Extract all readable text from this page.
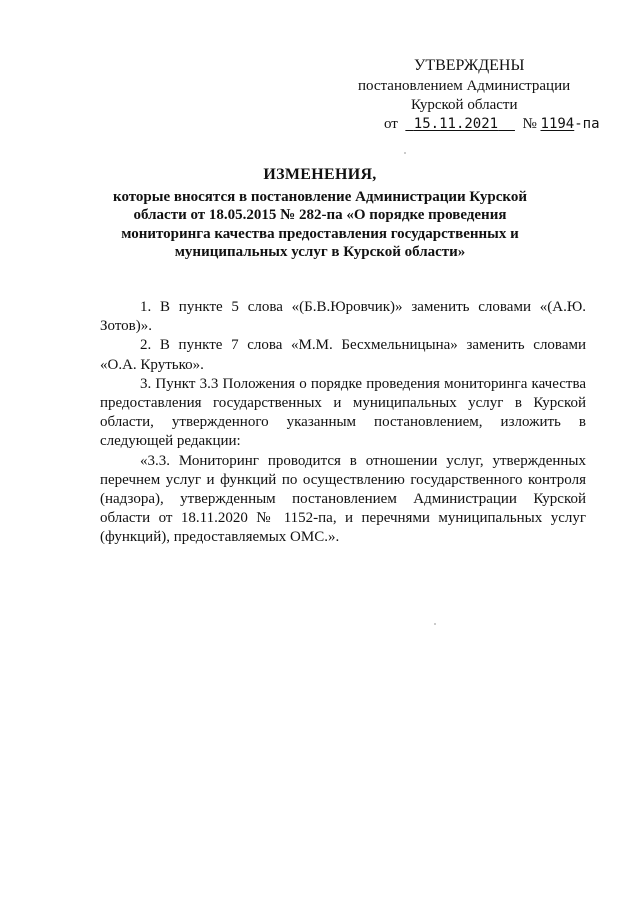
УТВЕРЖДЕНЫ
постановлением Администрации
Курской области
от 15.11.2021 № 1194-па
ИЗМЕНЕНИЯ,
которые вносятся в постановление Администрации Курской области от 18.05.2015 № 282-па «О порядке проведения мониторинга качества предоставления государственных и муниципальных услуг в Курской области»

1. В пункте 5 слова «(Б.В.Юровчик)» заменить словами «(А.Ю. Зотов)».

2. В пункте 7 слова «М.М. Бесхмельницына» заменить словами «О.А. Крутько».

3. Пункт 3.3 Положения о порядке проведения мониторинга качества предоставления государственных и муниципальных услуг в Курской области, утвержденного указанным постановлением, изложить в следующей редакции:

«3.3. Мониторинг проводится в отношении услуг, утвержденных перечнем услуг и функций по осуществлению государственного контроля (надзора), утвержденным постановлением Администрации Курской области от 18.11.2020 № 1152-па, и перечнями муниципальных услуг (функций), предоставляемых ОМС.».
